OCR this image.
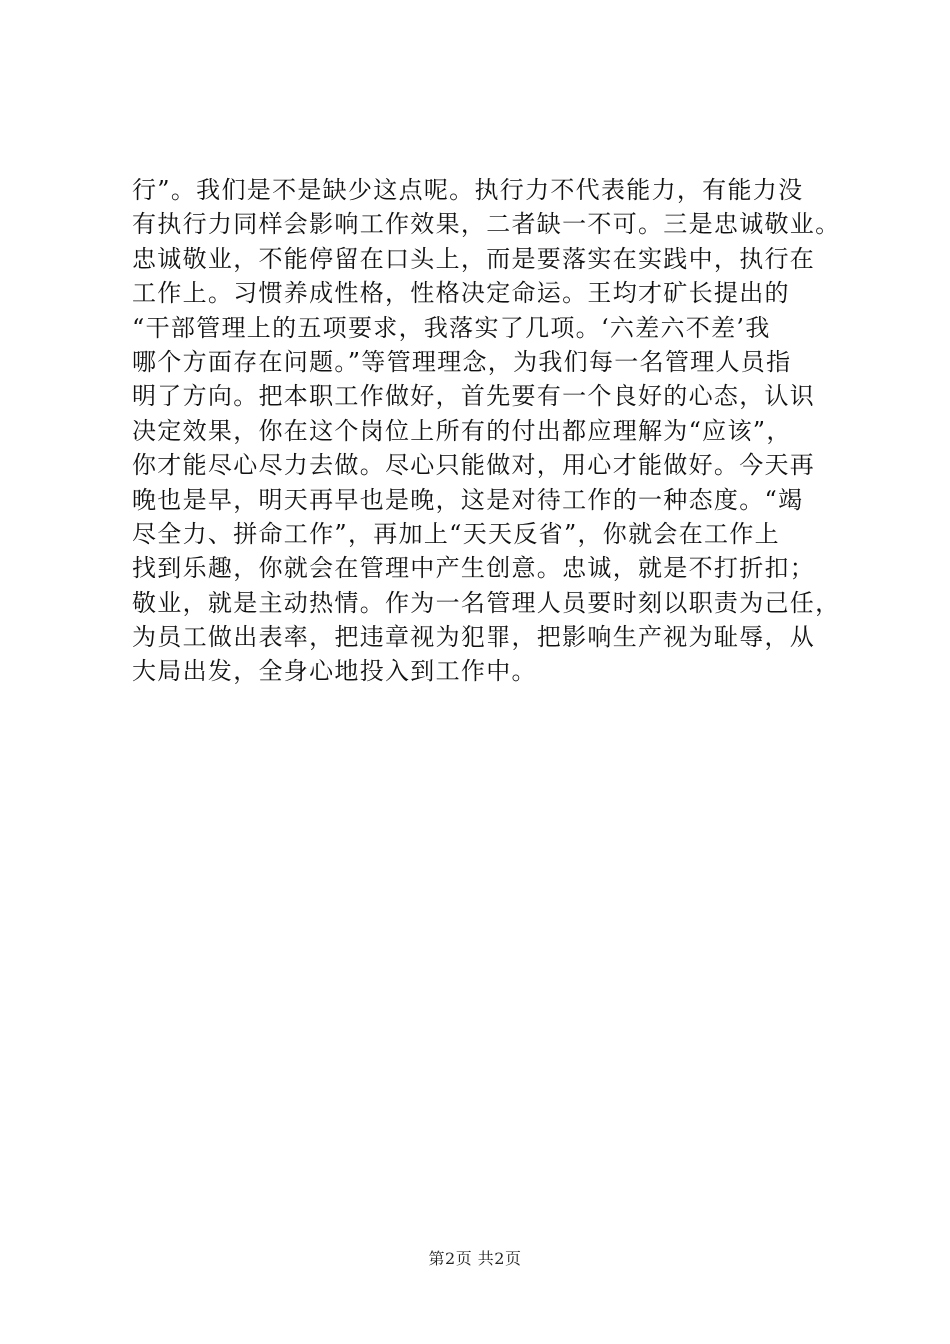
行”。我们是不是缺少这点呢。执行力不代表能力，有能力没
有执行力同样会影响工作效果，二者缺一不可。三是忠诚敬业。
忠诚敬业，不能停留在口头上，而是要落实在实践中，执行在
工作上。习惯养成性格，性格决定命运。王均才矿长提出的
“干部管理上的五项要求，我落实了几项。‘六差六不差’我
哪个方面存在问题。”等管理理念，为我们每一名管理人员指
明了方向。把本职工作做好，首先要有一个良好的心态，认识
决定效果，你在这个岗位上所有的付出都应理解为“应该”，
你才能尽心尽力去做。尽心只能做对，用心才能做好。今天再
晚也是早，明天再早也是晚，这是对待工作的一种态度。“竭
尽全力、拼命工作”，再加上“天天反省”，你就会在工作上
找到乐趣，你就会在管理中产生创意。忠诚，就是不打折扣；
敬业，就是主动热情。作为一名管理人员要时刻以职责为己任，
为员工做出表率，把违章视为犯罪，把影响生产视为耻辱，从
大局出发，全身心地投入到工作中。
第2页 共2页
